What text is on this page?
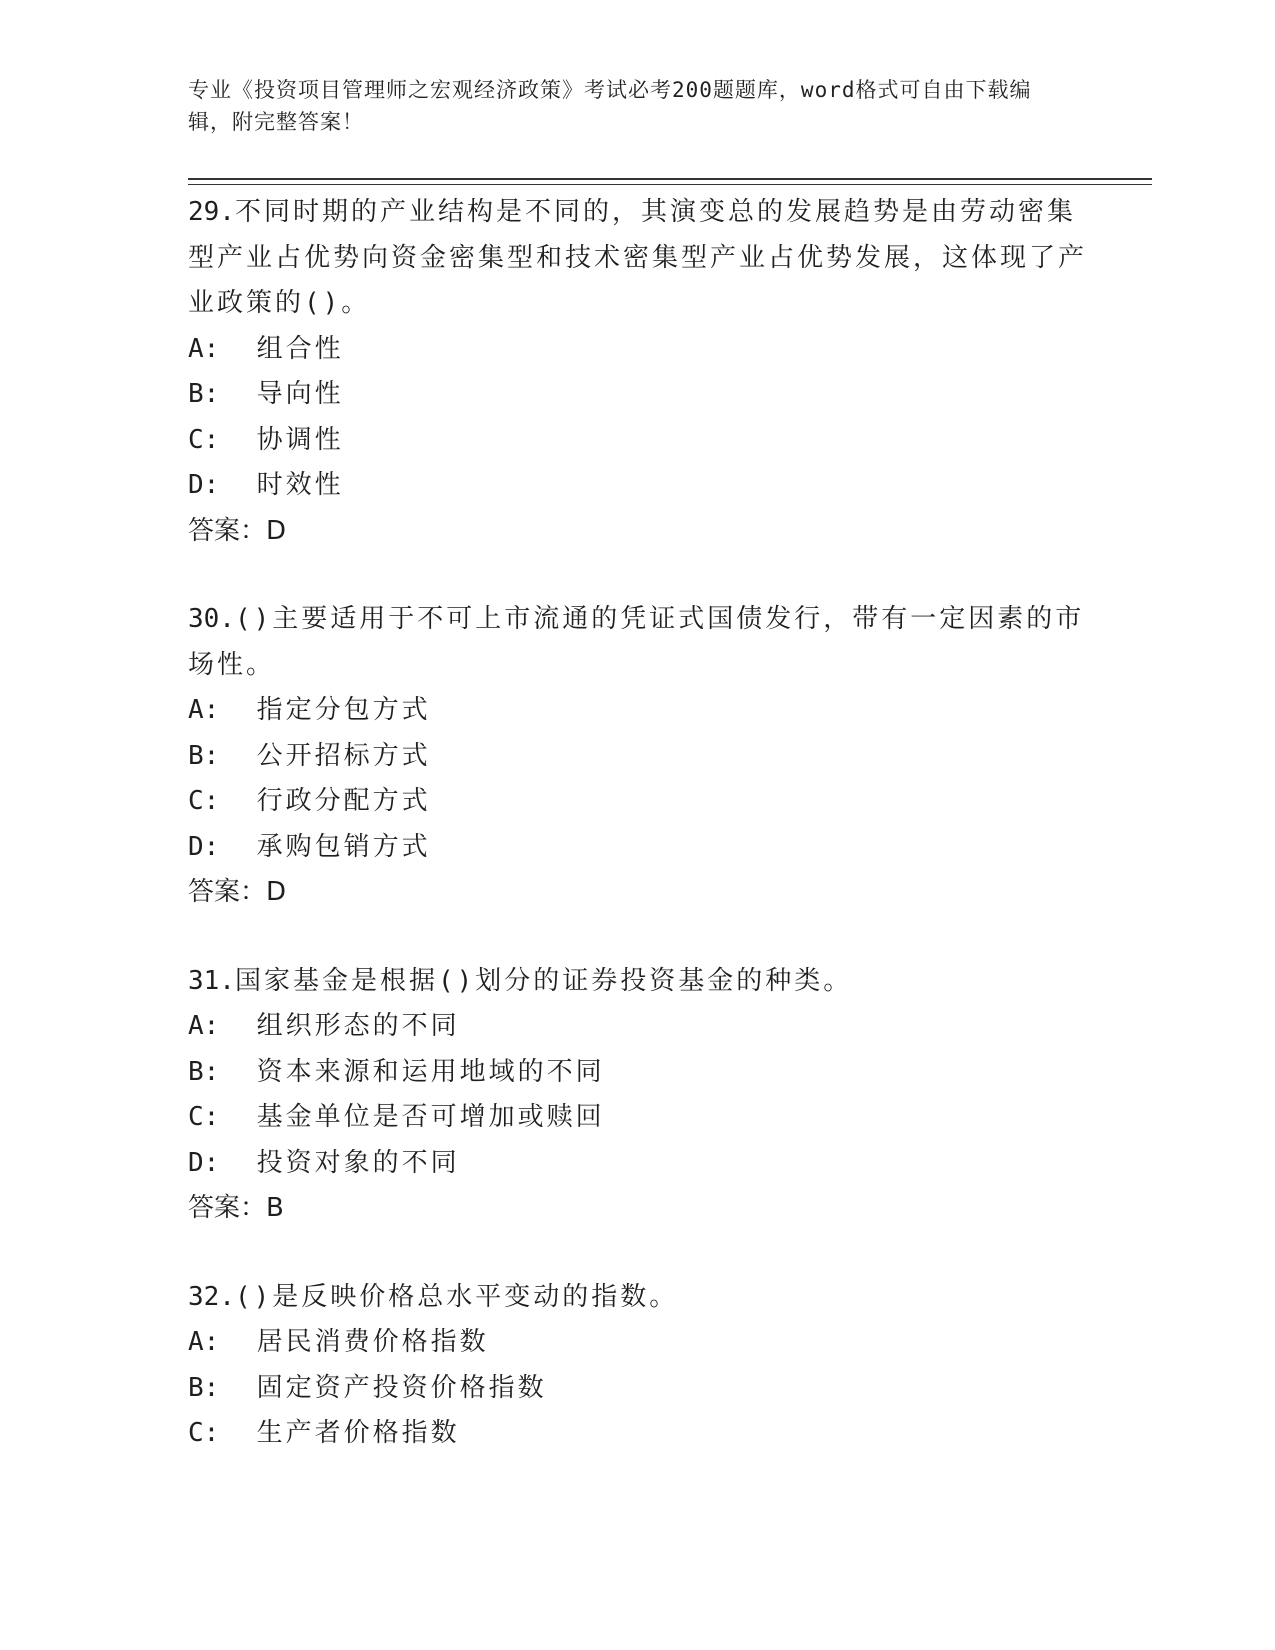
专业《投资项目管理师之宏观经济政策》考试必考200题题库，word格式可自由下载编辑，附完整答案！
29.不同时期的产业结构是不同的，其演变总的发展趋势是由劳动密集型产业占优势向资金密集型和技术密集型产业占优势发展，这体现了产业政策的()。
A: 组合性
B: 导向性
C: 协调性
D: 时效性
答案：D
30.()主要适用于不可上市流通的凭证式国债发行，带有一定因素的市场性。
A: 指定分包方式
B: 公开招标方式
C: 行政分配方式
D: 承购包销方式
答案：D
31.国家基金是根据()划分的证券投资基金的种类。
A: 组织形态的不同
B: 资本来源和运用地域的不同
C: 基金单位是否可增加或赎回
D: 投资对象的不同
答案：B
32.()是反映价格总水平变动的指数。
A: 居民消费价格指数
B: 固定资产投资价格指数
C: 生产者价格指数
